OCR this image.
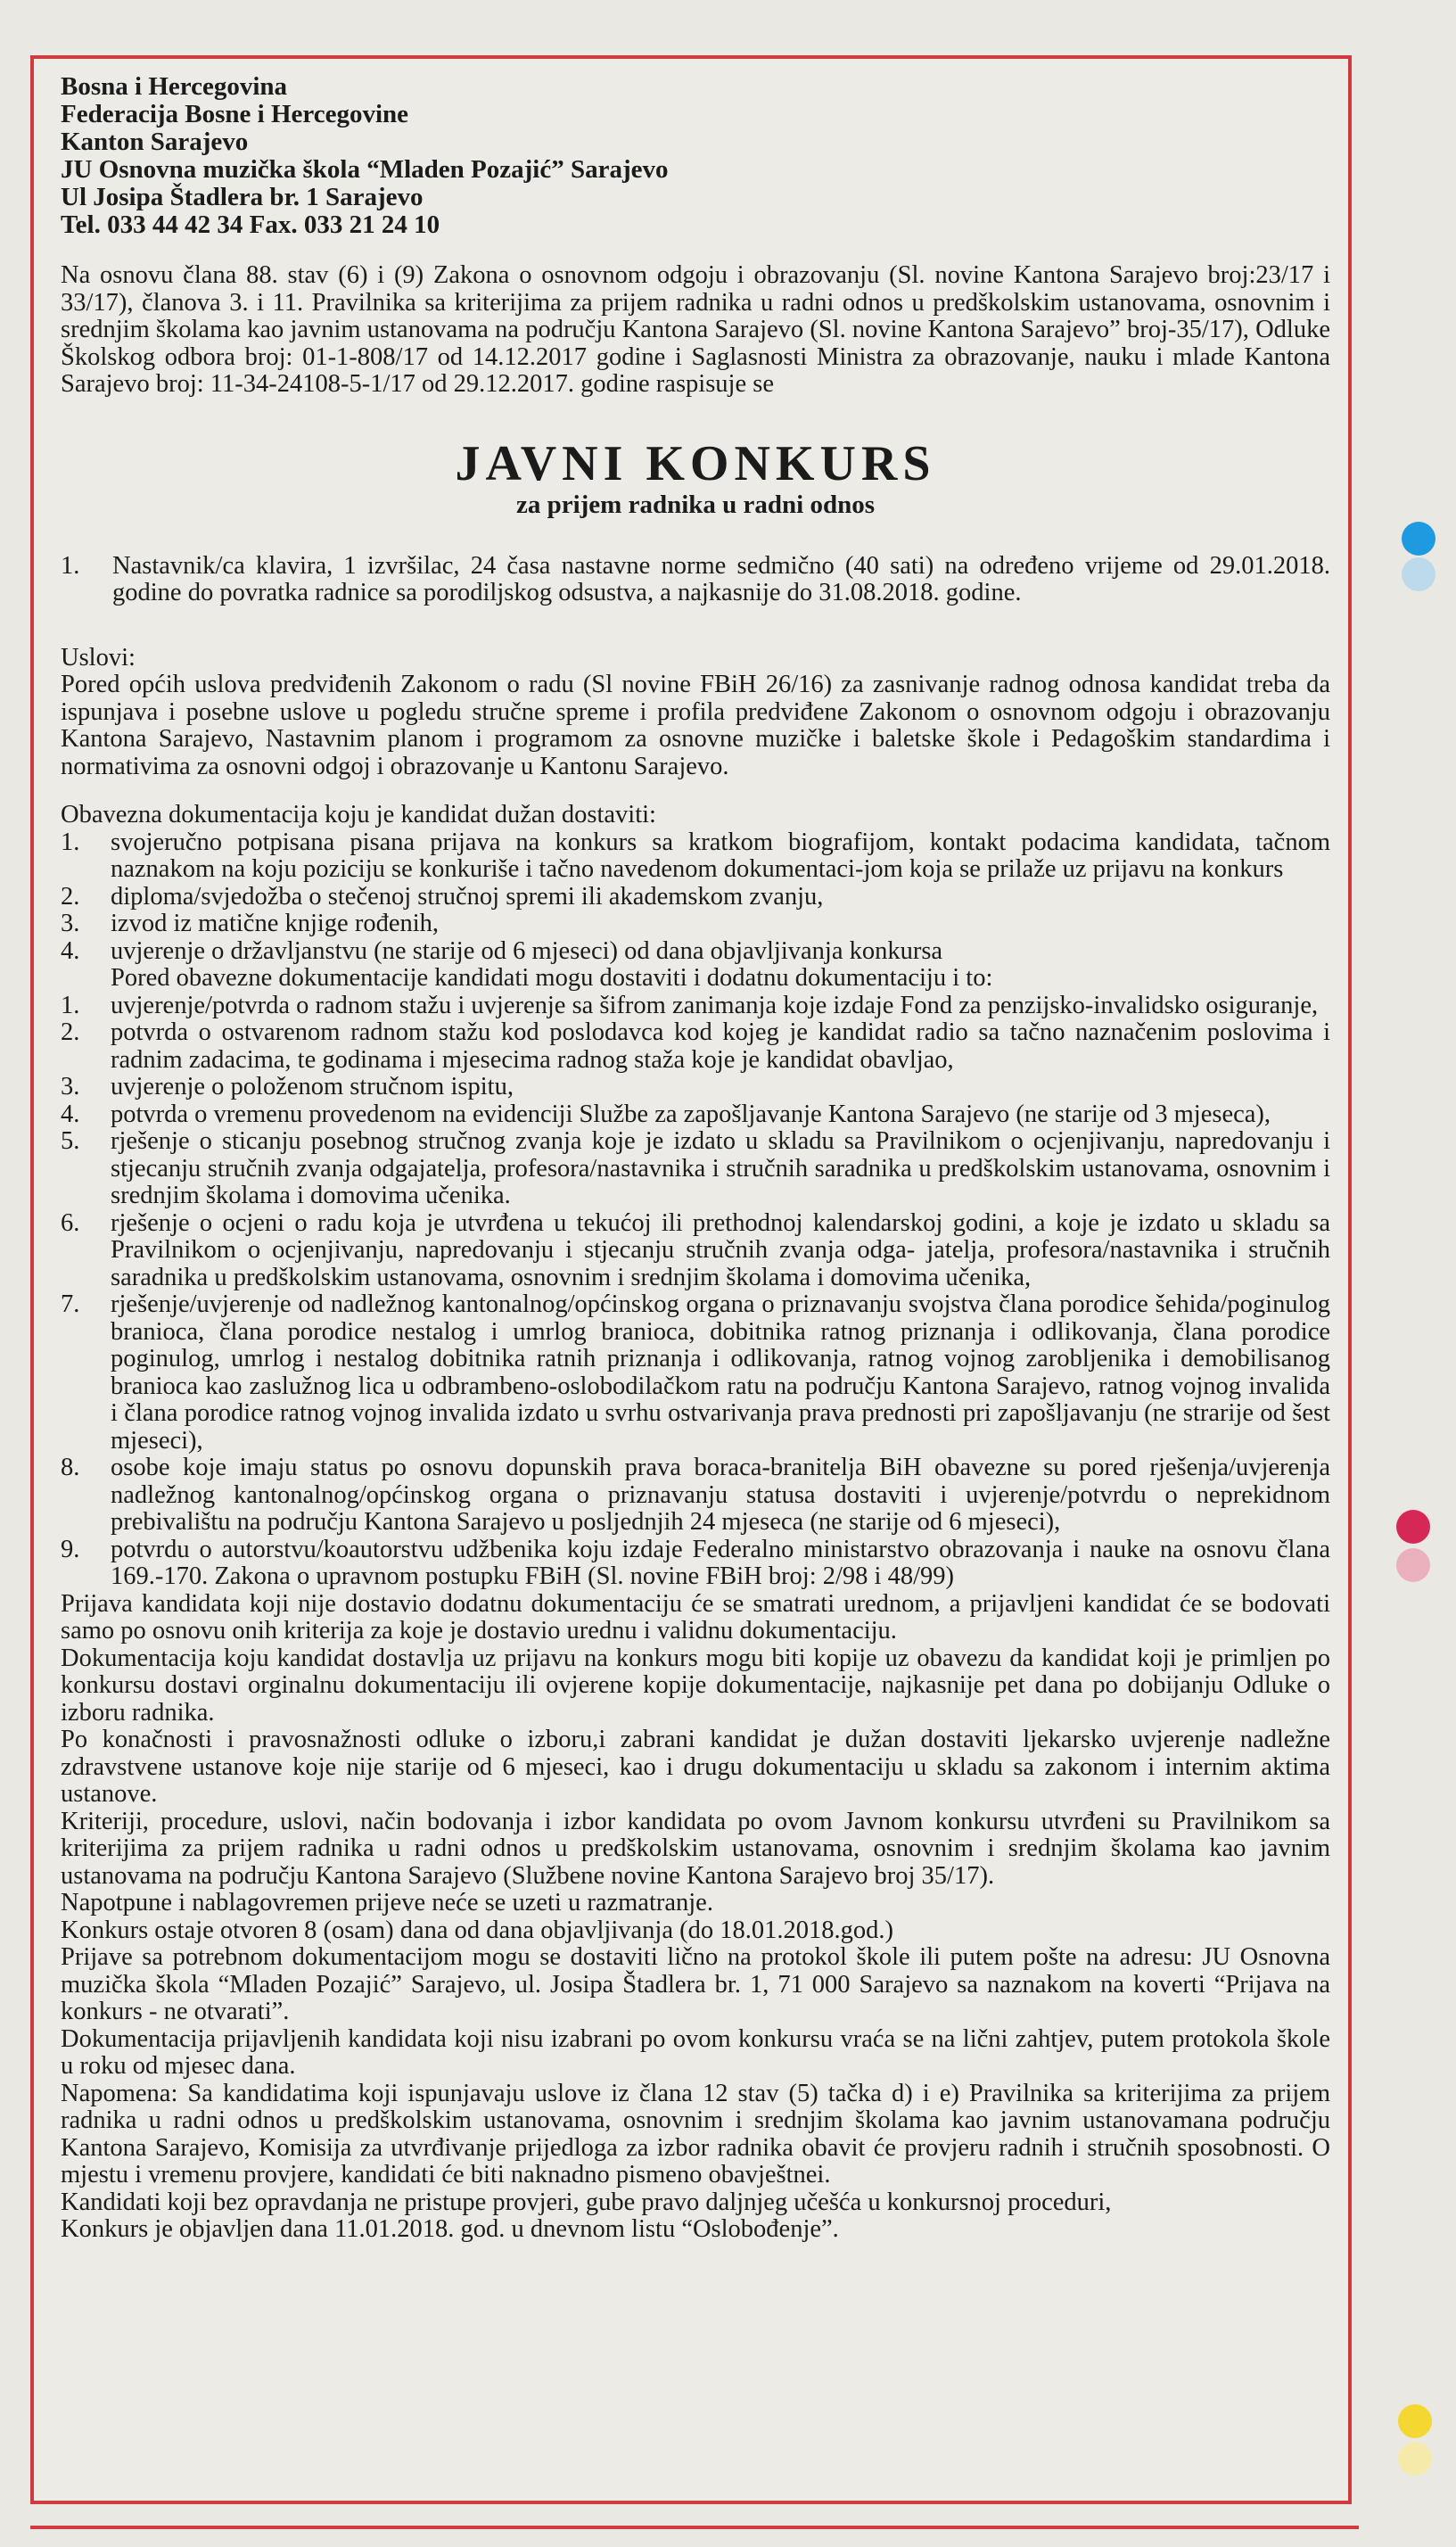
Bosna i Hercegovina
Federacija Bosne i Hercegovine
Kanton Sarajevo
JU Osnovna muzička škola “Mladen Pozajić” Sarajevo
Ul Josipa Štadlera br. 1 Sarajevo
Tel. 033 44 42 34 Fax. 033 21 24 10

Na osnovu člana 88. stav (6) i (9) Zakona o osnovnom odgoju i obrazovanju (Sl. novine Kantona Sarajevo broj:23/17 i 33/17), članova 3. i 11. Pravilnika sa kriterijima za prijem radnika u radni odnos u predškolskim ustanovama, osnovnim i srednjim školama kao javnim ustanovama na području Kantona Sarajevo (Sl. novine Kantona Sarajevo” broj-35/17), Odluke Školskog odbora broj: 01-1-808/17 od 14.12.2017 godine i Saglasnosti Ministra za obrazovanje, nauku i mlade Kantona Sarajevo broj: 11-34-24108-5-1/17 od 29.12.2017. godine raspisuje se

JAVNI KONKURS
za prijem radnika u radni odnos
1.	Nastavnik/ca klavira, 1 izvršilac, 24 časa nastavne norme sedmično (40 sati) na određeno vrijeme od 29.01.2018. godine do povratka radnice sa porodiljskog odsustva, a najkasnije do 31.08.2018. godine.
Uslovi:

Pored općih uslova predviđenih Zakonom o radu (Sl novine FBiH 26/16) za zasnivanje radnog odnosa kandidat treba da ispunjava i posebne uslove u pogledu stručne spreme i profila predviđene Zakonom o osnovnom odgoju i obrazovanju Kantona Sarajevo, Nastavnim planom i programom za osnovne muzičke i baletske škole i Pedagoškim standardima i normativima za osnovni odgoj i obrazovanje u Kantonu Sarajevo.

Obavezna dokumentacija koju je kandidat dužan dostaviti:
1.	svojeručno potpisana pisana prijava na konkurs sa kratkom biografijom, kontakt podacima kandidata, tačnom naznakom na koju poziciju se konkuriše i tačno navedenom dokumentaci-jom koja se prilaže uz prijavu na konkurs
2.	diploma/svjedožba o stečenoj stručnoj spremi ili akademskom zvanju,
3.	izvod iz matične knjige rođenih,
4.	uvjerenje o državljanstvu (ne starije od 6 mjeseci) od dana objavljivanja konkursa
Pored obavezne dokumentacije kandidati mogu dostaviti i dodatnu dokumentaciju i to:
1.	uvjerenje/potvrda o radnom stažu i uvjerenje sa šifrom zanimanja koje izdaje Fond za penzijsko-invalidsko osiguranje,
2.	potvrda o ostvarenom radnom stažu kod poslodavca kod kojeg je kandidat radio sa tačno naznačenim poslovima i radnim zadacima, te godinama i mjesecima radnog staža koje je kandidat obavljao,
3.	uvjerenje o položenom stručnom ispitu,
4.	potvrda o vremenu provedenom na evidenciji Službe za zapošljavanje Kantona Sarajevo (ne starije od 3 mjeseca),
5.	rješenje o sticanju posebnog stručnog zvanja koje je izdato u skladu sa Pravilnikom o ocjenjivanju, napredovanju i stjecanju stručnih zvanja odgajatelja, profesora/nastavnika i stručnih saradnika u predškolskim ustanovama, osnovnim i srednjim školama i domovima učenika.
6.	rješenje o ocjeni o radu koja je utvrđena u tekućoj ili prethodnoj kalendarskoj godini, a koje je izdato u skladu sa Pravilnikom o ocjenjivanju, napredovanju i stjecanju stručnih zvanja odga- jatelja, profesora/nastavnika i stručnih saradnika u predškolskim ustanovama, osnovnim i srednjim školama i domovima učenika,
7.	rješenje/uvjerenje od nadležnog kantonalnog/općinskog organa o priznavanju svojstva člana porodice šehida/poginulog branioca, člana porodice nestalog i umrlog branioca, dobitnika ratnog priznanja i odlikovanja, člana porodice poginulog, umrlog i nestalog dobitnika ratnih priznanja i odlikovanja, ratnog vojnog zarobljenika i demobilisanog branioca kao zaslužnog lica u odbrambeno-oslobodilačkom ratu na području Kantona Sarajevo, ratnog vojnog invalida i člana porodice ratnog vojnog invalida izdato u svrhu ostvarivanja prava prednosti pri zapošljavanju (ne strarije od šest mjeseci),
8.	osobe koje imaju status po osnovu dopunskih prava boraca-branitelja BiH obavezne su pored rješenja/uvjerenja nadležnog kantonalnog/općinskog organa o priznavanju statusa dostaviti i uvjerenje/potvrdu o neprekidnom prebivalištu na području Kantona Sarajevo u posljednjih 24 mjeseca (ne starije od 6 mjeseci),
9.	potvrdu o autorstvu/koautorstvu udžbenika koju izdaje Federalno ministarstvo obrazovanja i nauke na osnovu člana 169.-170. Zakona o upravnom postupku FBiH (Sl. novine FBiH broj: 2/98 i 48/99)

Prijava kandidata koji nije dostavio dodatnu dokumentaciju će se smatrati urednom, a prijavljeni kandidat će se bodovati samo po osnovu onih kriterija za koje je dostavio urednu i validnu dokumentaciju.

Dokumentacija koju kandidat dostavlja uz prijavu na konkurs mogu biti kopije uz obavezu da kandidat koji je primljen po konkursu dostavi orginalnu dokumentaciju ili ovjerene kopije dokumentacije, najkasnije pet dana po dobijanju Odluke o izboru radnika.

Po konačnosti i pravosnažnosti odluke o izboru,i zabrani kandidat je dužan dostaviti ljekarsko uvjerenje nadležne zdravstvene ustanove koje nije starije od 6 mjeseci, kao i drugu dokumentaciju u skladu sa zakonom i internim aktima ustanove.

Kriteriji, procedure, uslovi, način bodovanja i izbor kandidata po ovom Javnom konkursu utvrđeni su Pravilnikom sa kriterijima za prijem radnika u radni odnos u predškolskim ustanovama, osnovnim i srednjim školama kao javnim ustanovama na području Kantona Sarajevo (Službene novine Kantona Sarajevo broj 35/17).

Napotpune i nablagovremen prijeve neće se uzeti u razmatranje.

Konkurs ostaje otvoren 8 (osam) dana od dana objavljivanja (do 18.01.2018.god.)

Prijave sa potrebnom dokumentacijom mogu se dostaviti lično na protokol škole ili putem pošte na adresu: JU Osnovna muzička škola “Mladen Pozajić” Sarajevo, ul. Josipa Štadlera br. 1, 71 000 Sarajevo sa naznakom na koverti “Prijava na konkurs - ne otvarati”.

Dokumentacija prijavljenih kandidata koji nisu izabrani po ovom konkursu vraća se na lični zahtjev, putem protokola škole u roku od mjesec dana.

Napomena: Sa kandidatima koji ispunjavaju uslove iz člana 12 stav (5) tačka d) i e) Pravilnika sa kriterijima za prijem radnika u radni odnos u predškolskim ustanovama, osnovnim i srednjim školama kao javnim ustanovamana području Kantona Sarajevo, Komisija za utvrđivanje prijedloga za izbor radnika obavit će provjeru radnih i stručnih sposobnosti. O mjestu i vremenu provjere, kandidati će biti naknadno pismeno obavještnei.

Kandidati koji bez opravdanja ne pristupe provjeri, gube pravo daljnjeg učešća u konkursnoj proceduri,

Konkurs je objavljen dana 11.01.2018. god. u dnevnom listu “Oslobođenje”.
